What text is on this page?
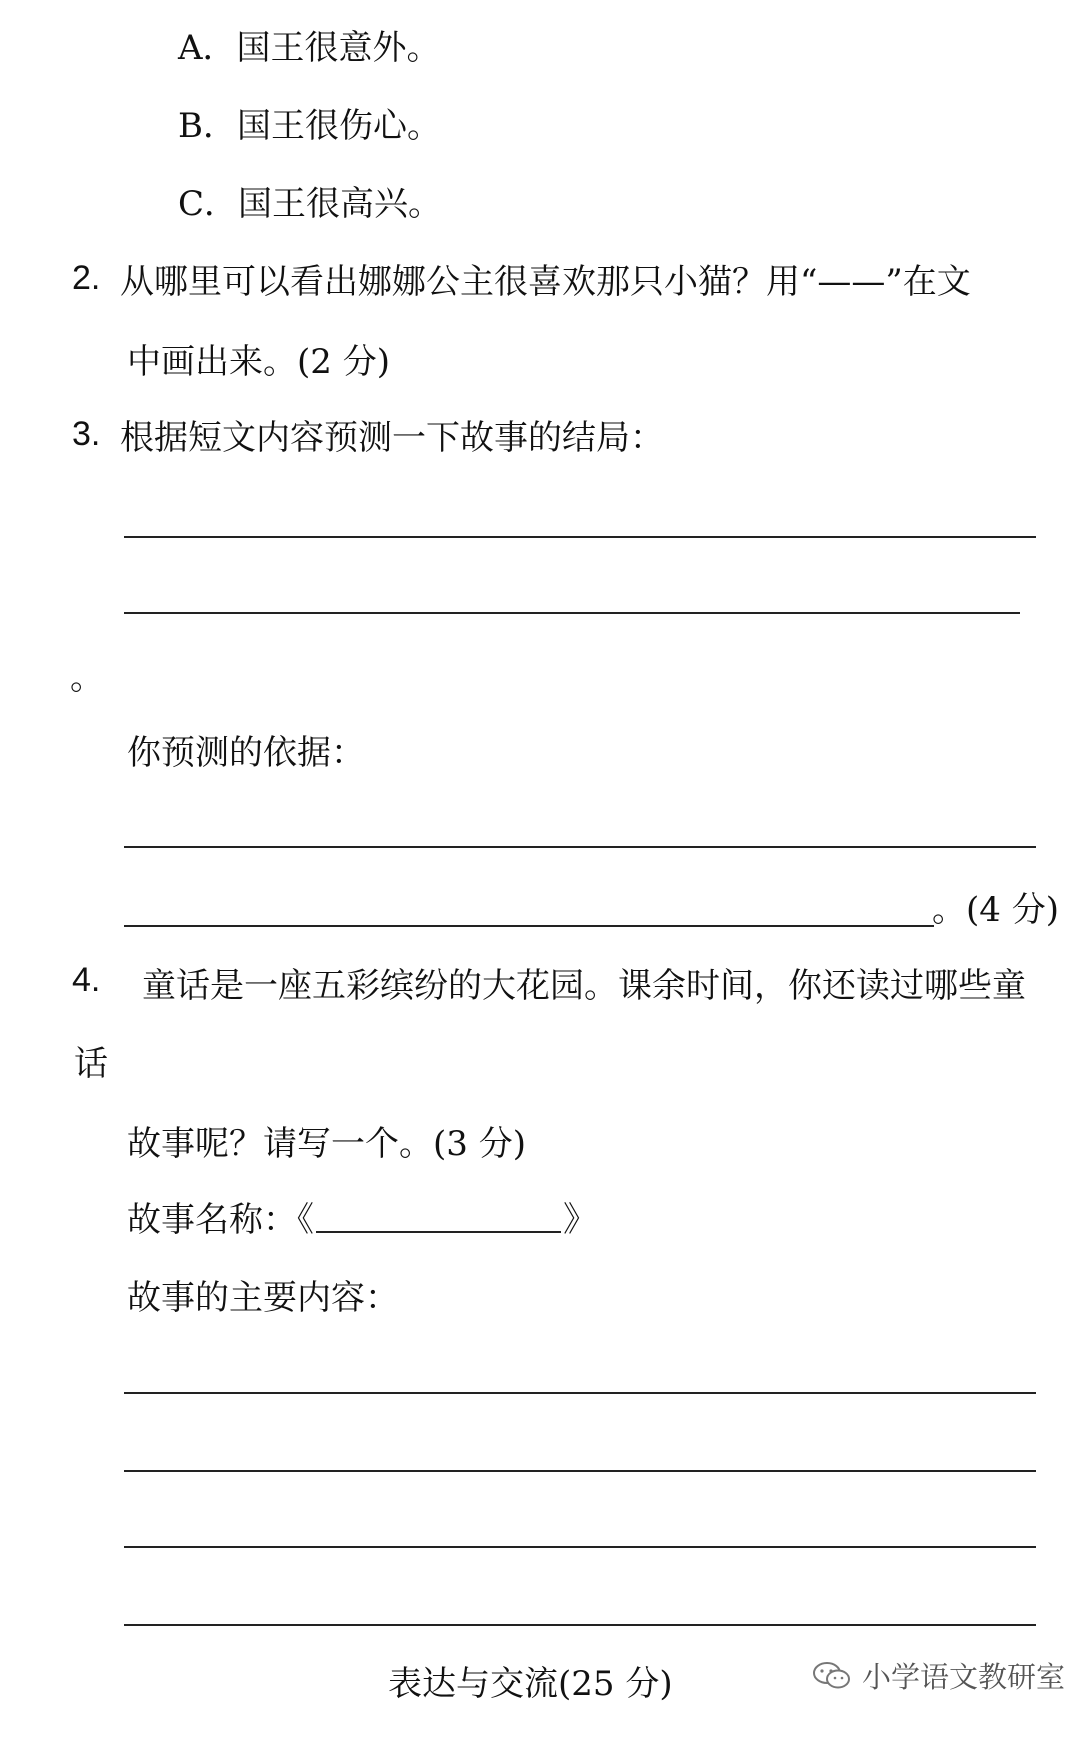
A．国王很意外。
B．国王很伤心。
C．国王很高兴。
2. 从哪里可以看出娜娜公主很喜欢那只小猫？用“——”在文
中画出来。(2 分)
3. 根据短文内容预测一下故事的结局：
。
你预测的依据：
。(4 分)
4. 童话是一座五彩缤纷的大花园。课余时间，你还读过哪些童
话
故事呢？请写一个。(3 分)
故事名称：《	》
故事的主要内容：
表达与交流(25 分)	小学语文教研室
